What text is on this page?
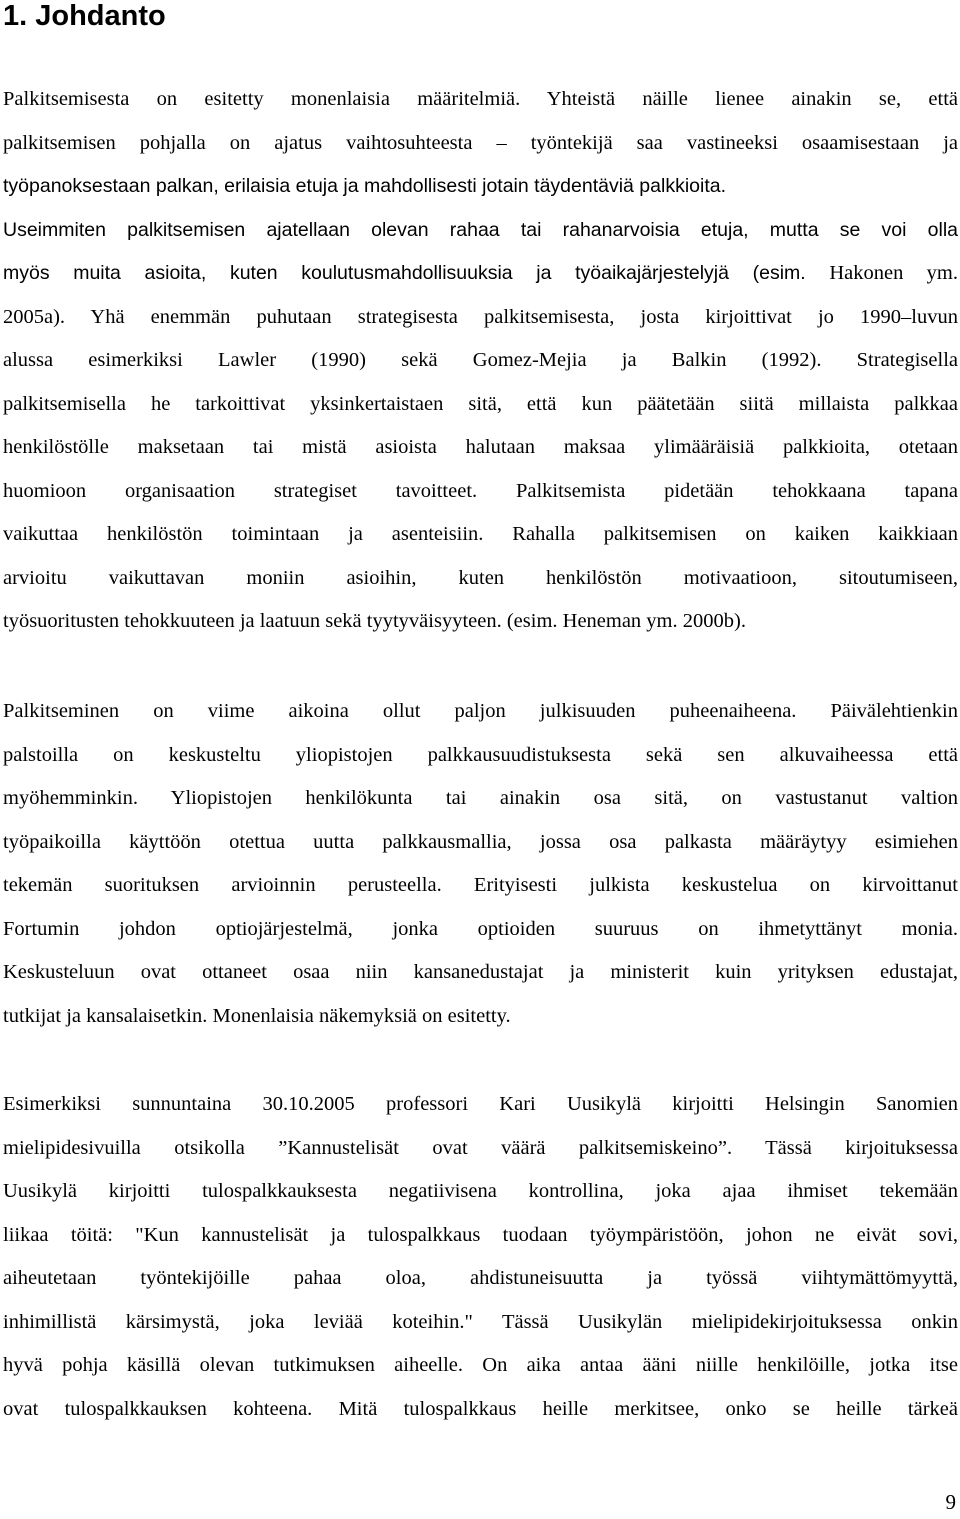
1. Johdanto
Palkitsemisesta on esitetty monenlaisia määritelmiä. Yhteistä näille lienee ainakin se, että
palkitsemisen pohjalla on ajatus vaihtosuhteesta – työntekijä saa vastineeksi osaamisestaan ja
työpanoksestaan palkan, erilaisia etuja ja mahdollisesti jotain täydentäviä palkkioita.
Useimmiten palkitsemisen ajatellaan olevan rahaa tai rahanarvoisia etuja, mutta se voi olla
myös muita asioita, kuten koulutusmahdollisuuksia ja työaikajärjestelyjä (esim. Hakonen ym.
2005a). Yhä enemmän puhutaan strategisesta palkitsemisesta, josta kirjoittivat jo 1990–luvun
alussa esimerkiksi Lawler (1990) sekä Gomez-Mejia ja Balkin (1992). Strategisella
palkitsemisella he tarkoittivat yksinkertaistaen sitä, että kun päätetään siitä millaista palkkaa
henkilöstölle maksetaan tai mistä asioista halutaan maksaa ylimääräisiä palkkioita, otetaan
huomioon organisaation strategiset tavoitteet. Palkitsemista pidetään tehokkaana tapana
vaikuttaa henkilöstön toimintaan ja asenteisiin. Rahalla palkitsemisen on kaiken kaikkiaan
arvioitu vaikuttavan moniin asioihin, kuten henkilöstön motivaatioon, sitoutumiseen,
työsuoritusten tehokkuuteen ja laatuun sekä tyytyväisyyteen. (esim. Heneman ym. 2000b).
Palkitseminen on viime aikoina ollut paljon julkisuuden puheenaiheena. Päivälehtienkin
palstoilla on keskusteltu yliopistojen palkkausuudistuksesta sekä sen alkuvaiheessa että
myöhemminkin. Yliopistojen henkilökunta tai ainakin osa sitä, on vastustanut valtion
työpaikoilla käyttöön otettua uutta palkkausmallia, jossa osa palkasta määräytyy esimiehen
tekemän suorituksen arvioinnin perusteella. Erityisesti julkista keskustelua on kirvoittanut
Fortumin johdon optiojärjestelmä, jonka optioiden suuruus on ihmetyttänyt monia.
Keskusteluun ovat ottaneet osaa niin kansanedustajat ja ministerit kuin yrityksen edustajat,
tutkijat ja kansalaisetkin. Monenlaisia näkemyksiä on esitetty.
Esimerkiksi sunnuntaina 30.10.2005 professori Kari Uusikylä kirjoitti Helsingin Sanomien
mielipidesivuilla otsikolla ”Kannustelisät ovat väärä palkitsemiskeino”. Tässä kirjoituksessa
Uusikylä kirjoitti tulospalkkauksesta negatiivisena kontrollina, joka ajaa ihmiset tekemään
liikaa töitä: "Kun kannustelisät ja tulospalkkaus tuodaan työympäristöön, johon ne eivät sovi,
aiheutetaan työntekijöille pahaa oloa, ahdistuneisuutta ja työssä viihtymättömyyttä,
inhimillistä kärsimystä, joka leviää koteihin." Tässä Uusikylän mielipidekirjoituksessa onkin
hyvä pohja käsillä olevan tutkimuksen aiheelle. On aika antaa ääni niille henkilöille, jotka itse
ovat tulospalkkauksen kohteena. Mitä tulospalkkaus heille merkitsee, onko se heille tärkeä
9
